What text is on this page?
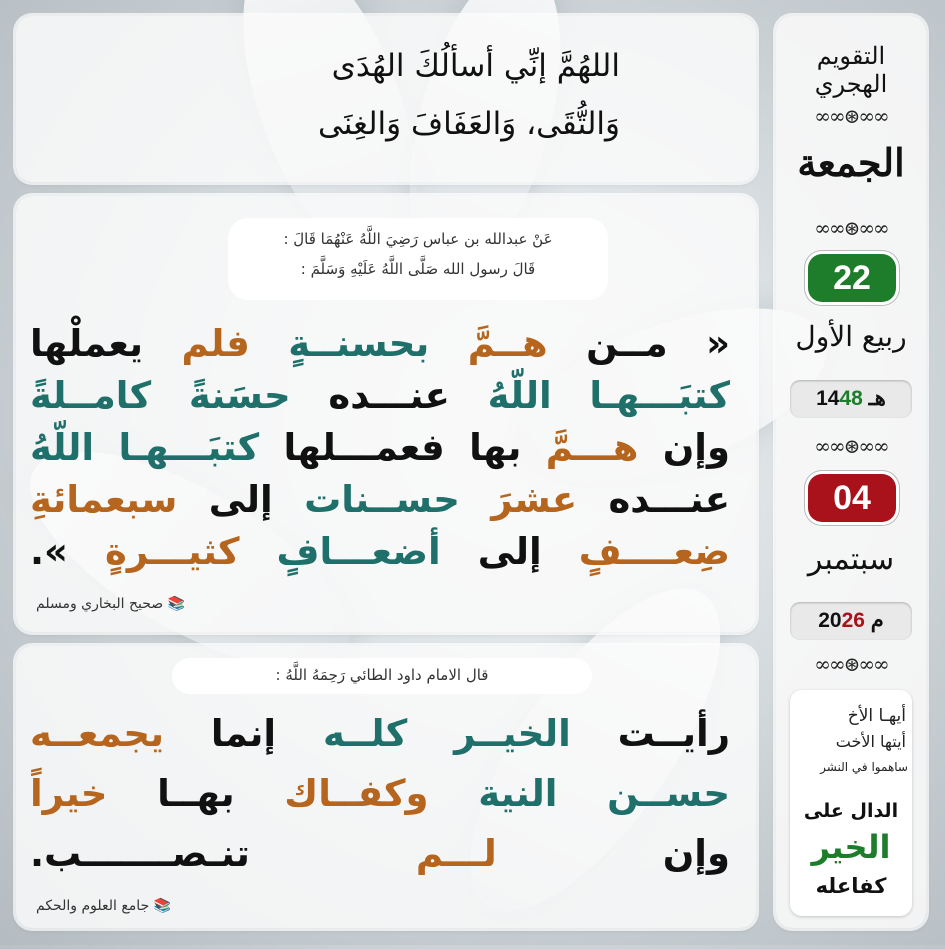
اللهُمَّ إنِّي أسألُكَ الهُدَى
وَالتُّقَى، وَالعَفَافَ وَالغِنَى
عَنْ عبدالله بن عباس رَضِيَ اللَّهُ عَنْهُمَا قَالَ :
قَالَ رسول الله صَلَّى اللَّهُ عَلَيْهِ وَسَلَّمَ :
« مــن هــمَّ بحسنــةٍ فلم يعملْها
كتبَـــهـا اللّهُ عنـــده حسَنةً كامــلةً
وإن هـــمَّ بها فعمـــلها كتبَـــهـا اللّهُ
عنـــده عشرَ حســنات إلى سبعمائةِ
ضِعــــفٍ إلى أضعـــافٍ كثيـــرةٍ ».
📚 صحيح البخاري ومسلم
قال الامام داود الطائي رَحِمَهُ اللَّهُ :
رأيــت الخيــر كلــه إنما يجمعــه
حســن النية وكفــاك بهــا خيراً
وإن لـــم تنـصـــــــب.
📚 جامع العلوم والحكم
التقويم الهجري
∞∞⊛∞∞
الجمعة
∞∞⊛∞∞
22
ربيع الأول
هـ 1448
∞∞⊛∞∞
04
سبتمبر
م 2026
∞∞⊛∞∞
أيهـا الأخ
أيتها الأخت
ساهموا في النشر
الدال على
الخير
كفاعله
